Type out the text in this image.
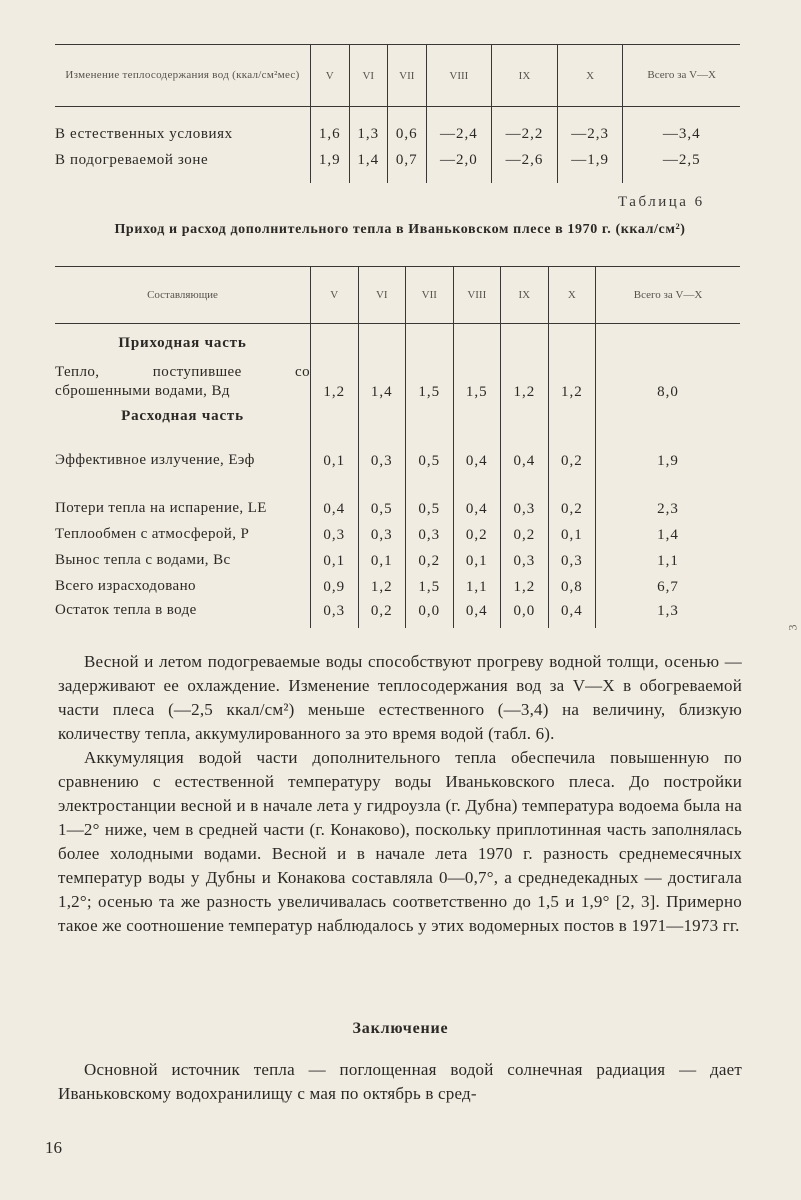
Изменение теплосодержания вод (ккал/см²мес)	V	VI	VII	VIII	IX	X	Всего за V—X
В естественных условиях	1,6	1,3	0,6	—2,4	—2,2	—2,3	—3,4
В подогреваемой зоне	1,9	1,4	0,7	—2,0	—2,6	—1,9	—2,5
Таблица 6
Приход и расход дополнительного тепла в Иваньковском плесе в 1970 г. (ккал/см²)
Составляющие	V	VI	VII	VIII	IX	X	Всего за V—X
Приходная часть							
Тепло, поступившее со сброшенными водами, Bд	1,2	1,4	1,5	1,5	1,2	1,2	8,0
Расходная часть							
Эффективное излучение, Eэф	0,1	0,3	0,5	0,4	0,4	0,2	1,9
Потери тепла на испарение, LE	0,4	0,5	0,5	0,4	0,3	0,2	2,3
Теплообмен с атмосферой, P	0,3	0,3	0,3	0,2	0,2	0,1	1,4
Вынос тепла с водами, Bс	0,1	0,1	0,2	0,1	0,3	0,3	1,1
Всего израсходовано	0,9	1,2	1,5	1,1	1,2	0,8	6,7
Остаток тепла в воде	0,3	0,2	0,0	0,4	0,0	0,4	1,3

Весной и летом подогреваемые воды способствуют прогреву водной толщи, осенью — задерживают ее охлаждение. Изменение теплосодержания вод за V—X в обогреваемой части плеса (—2,5 ккал/см²) меньше естественного (—3,4) на величину, близкую количеству тепла, аккумулированного за это время водой (табл. 6).

Аккумуляция водой части дополнительного тепла обеспечила повышенную по сравнению с естественной температуру воды Иваньковского плеса. До постройки электростанции весной и в начале лета у гидроузла (г. Дубна) температура водоема была на 1—2° ниже, чем в средней части (г. Конаково), поскольку приплотинная часть заполнялась более холодными водами. Весной и в начале лета 1970 г. разность среднемесячных температур воды у Дубны и Конакова составляла 0—0,7°, а среднедекадных — достигала 1,2°; осенью та же разность увеличивалась соответственно до 1,5 и 1,9° [2, 3]. Примерно такое же соотношение температур наблюдалось у этих водомерных постов в 1971—1973 гг.

Заключение

Основной источник тепла — поглощенная водой солнечная радиация — дает Иваньковскому водохранилищу с мая по октябрь в сред-

16
3
